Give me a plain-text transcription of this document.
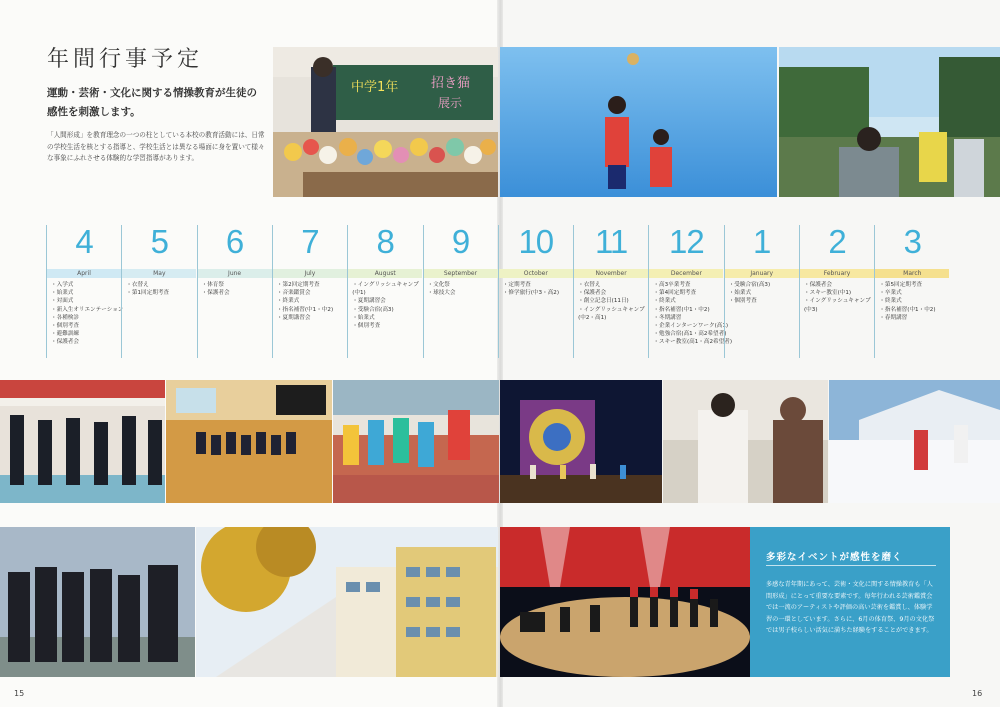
年間行事予定
運動・芸術・文化に関する情操教育が生徒の感性を刺激します。
「人間形成」を教育理念の一つの柱としている本校の教育活動には、日常の学校生活を核とする指導と、学校生活とは異なる場面に身を置いて様々な事象にふれさせる体験的な学習指導があります。
中学1年	招き猫
展示
4
April
・入学式
・始業式
・対面式
・新入生オリエンテーション
・各種検診
・個別考査
・避難訓練
・保護者会
5
May
・衣替え
・第1回定期考査
6
June
・体育祭
・保護者会
7
July
・第2回定期考査
・音楽鑑賞会
・終業式
・指名補習(中1・中2)
・夏期講習会
8
August
・イングリッシュキャンプ
(中1)
・夏期講習会
・受験合宿(高3)
・始業式
・個別考査
9
September
・文化祭
・球技大会
10
October
・定期考査
・修学旅行(中3・高2)
11
November
・衣替え
・保護者会
・創立記念日(11日)
・イングリッシュキャンプ
(中2・高1)
12
December
・高3卒業考査
・第4回定期考査
・終業式
・指名補習(中1・中2)
・冬期講習
・企業インターンワーク(高1)
・勉強合宿(高1・高2希望者)
・スキー教室(高1・高2希望者)
1
January
・受験合宿(高3)
・始業式
・個別考査
2
February
・保護者会
・スキー教室(中1)
・イングリッシュキャンプ
(中3)
3
March
・第5回定期考査
・卒業式
・終業式
・指名補習(中1・中2)
・春期講習
多彩なイベントが感性を磨く
多感な青年期にあって、芸術・文化に関する情操教育も「人間形成」にとって重要な要素です。毎年行われる芸術鑑賞会では一流のアーティストや評価の高い芸術を鑑賞し、体験学習の一環としています。さらに、6月の体育祭、9月の文化祭では男子校らしい活気に満ちた経験をすることができます。
15	16
